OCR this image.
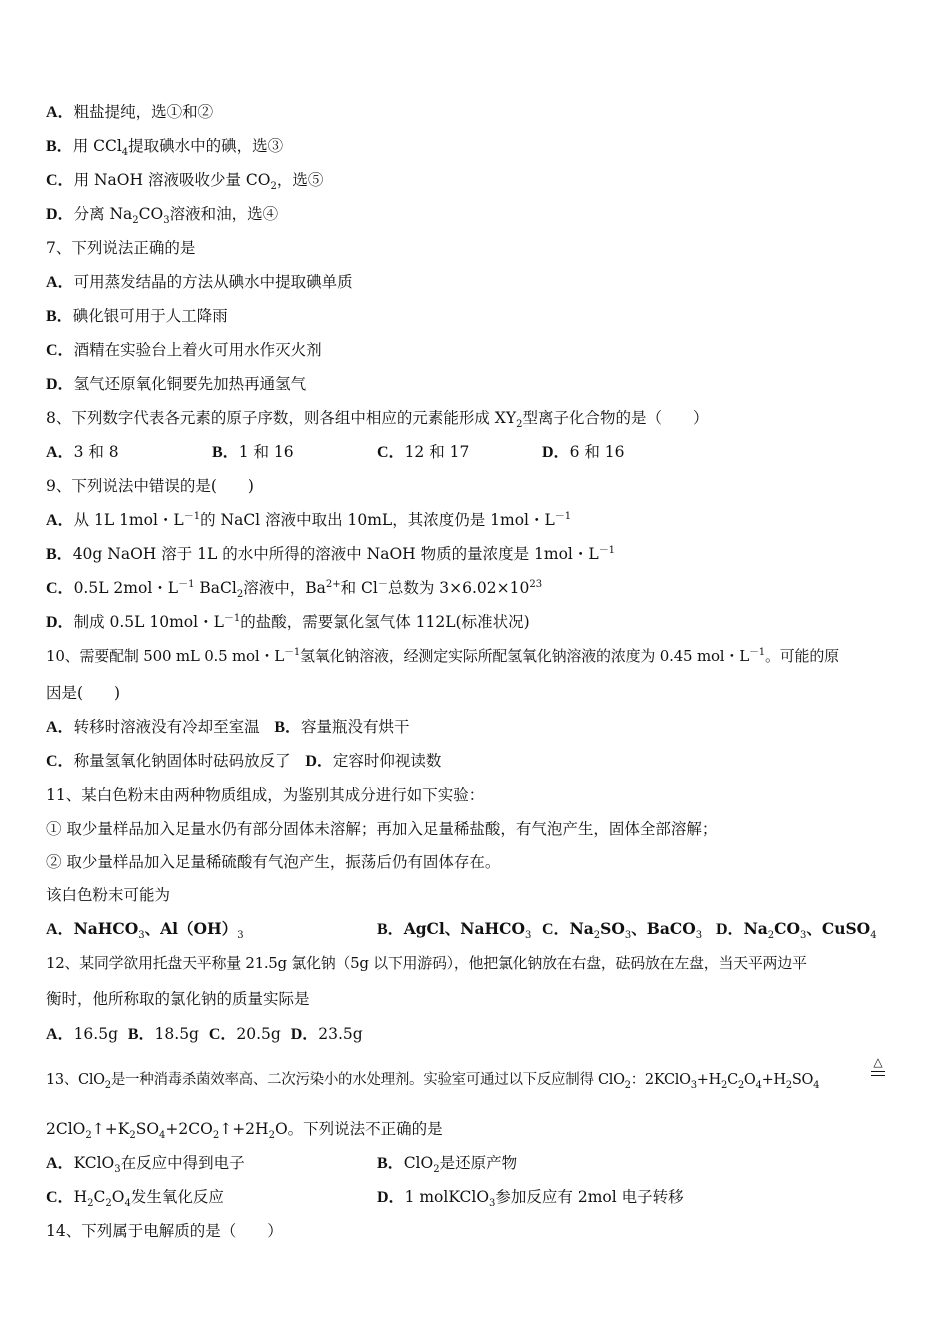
A．粗盐提纯，选①和②
B．用 CCl$_4$提取碘水中的碘，选③
C．用 NaOH 溶液吸收少量 $CO_2$，选⑤
D．分离 $Na_2CO_3$溶液和油，选④
7、下列说法正确的是
A．可用蒸发结晶的方法从碘水中提取碘单质
B．碘化银可用于人工降雨
C．酒精在实验台上着火可用水作灭火剂
D．氢气还原氧化铜要先加热再通氢气
8、下列数字代表各元素的原子序数，则各组中相应的元素能形成 $XY_2$型离子化合物的是（　　）
A．3 和 8	B．1 和 16	C．12 和 17	D．6 和 16
9、下列说法中错误的是(　　)
A．从 1L 1mol・$L^{-1}$的 NaCl 溶液中取出 10mL，其浓度仍是 1mol・$L^{-1}$
B．40g NaOH 溶于 1L 的水中所得的溶液中 NaOH 物质的量浓度是 1mol・$L^{-1}$
C．0.5L 2mol・$L^{-1}$ BaCl$_2$溶液中，$Ba^{2+}$和 Cl－总数为 $3\times 6.02\times 10^{23}$
D．制成 0.5L 10mol・$L^{-1}$的盐酸，需要氯化氢气体 112L(标准状况)
10、需要配制 500 mL 0.5 mol・$L^{-1}$氢氧化钠溶液，经测定实际所配氢氧化钠溶液的浓度为 0.45 mol・$L^{-1}$。可能的原
因是(　　)
A．转移时溶液没有冷却至室温 B．容量瓶没有烘干
C．称量氢氧化钠固体时砝码放反了 D．定容时仰视读数
11、某白色粉末由两种物质组成，为鉴别其成分进行如下实验：
① 取少量样品加入足量水仍有部分固体未溶解；再加入足量稀盐酸，有气泡产生，固体全部溶解；
② 取少量样品加入足量稀硫酸有气泡产生，振荡后仍有固体存在。
该白色粉末可能为
A．NaHCO$_3$、$Al(OH)_3$	B．AgCl、NaHCO$_3$ C．$Na_2SO_3$、BaCO$_3$ D．$Na_2CO_3$、CuSO$_4$
12、某同学欲用托盘天平称量 21.5g 氯化钠（5g 以下用游码），他把氯化钠放在右盘，砝码放在左盘，当天平两边平
衡时，他所称取的氯化钠的质量实际是
A．16.5g B．18.5g C．20.5g D．23.5g
13、ClO$_2$是一种消毒杀菌效率高、二次污染小的水处理剂。实验室可通过以下反应制得 ClO$_2$：$2KClO_3+H_2C_2O_4+H_2SO_4$
△
$2ClO_2↑+K_2SO_4+2CO_2↑+2H_2O$。下列说法不正确的是
A．KClO$_3$在反应中得到电子	B．ClO$_2$是还原产物
C．$H_2C_2O_4$发生氧化反应	D．1 molKClO$_3$参加反应有 2mol 电子转移
14、下列属于电解质的是（　　）
